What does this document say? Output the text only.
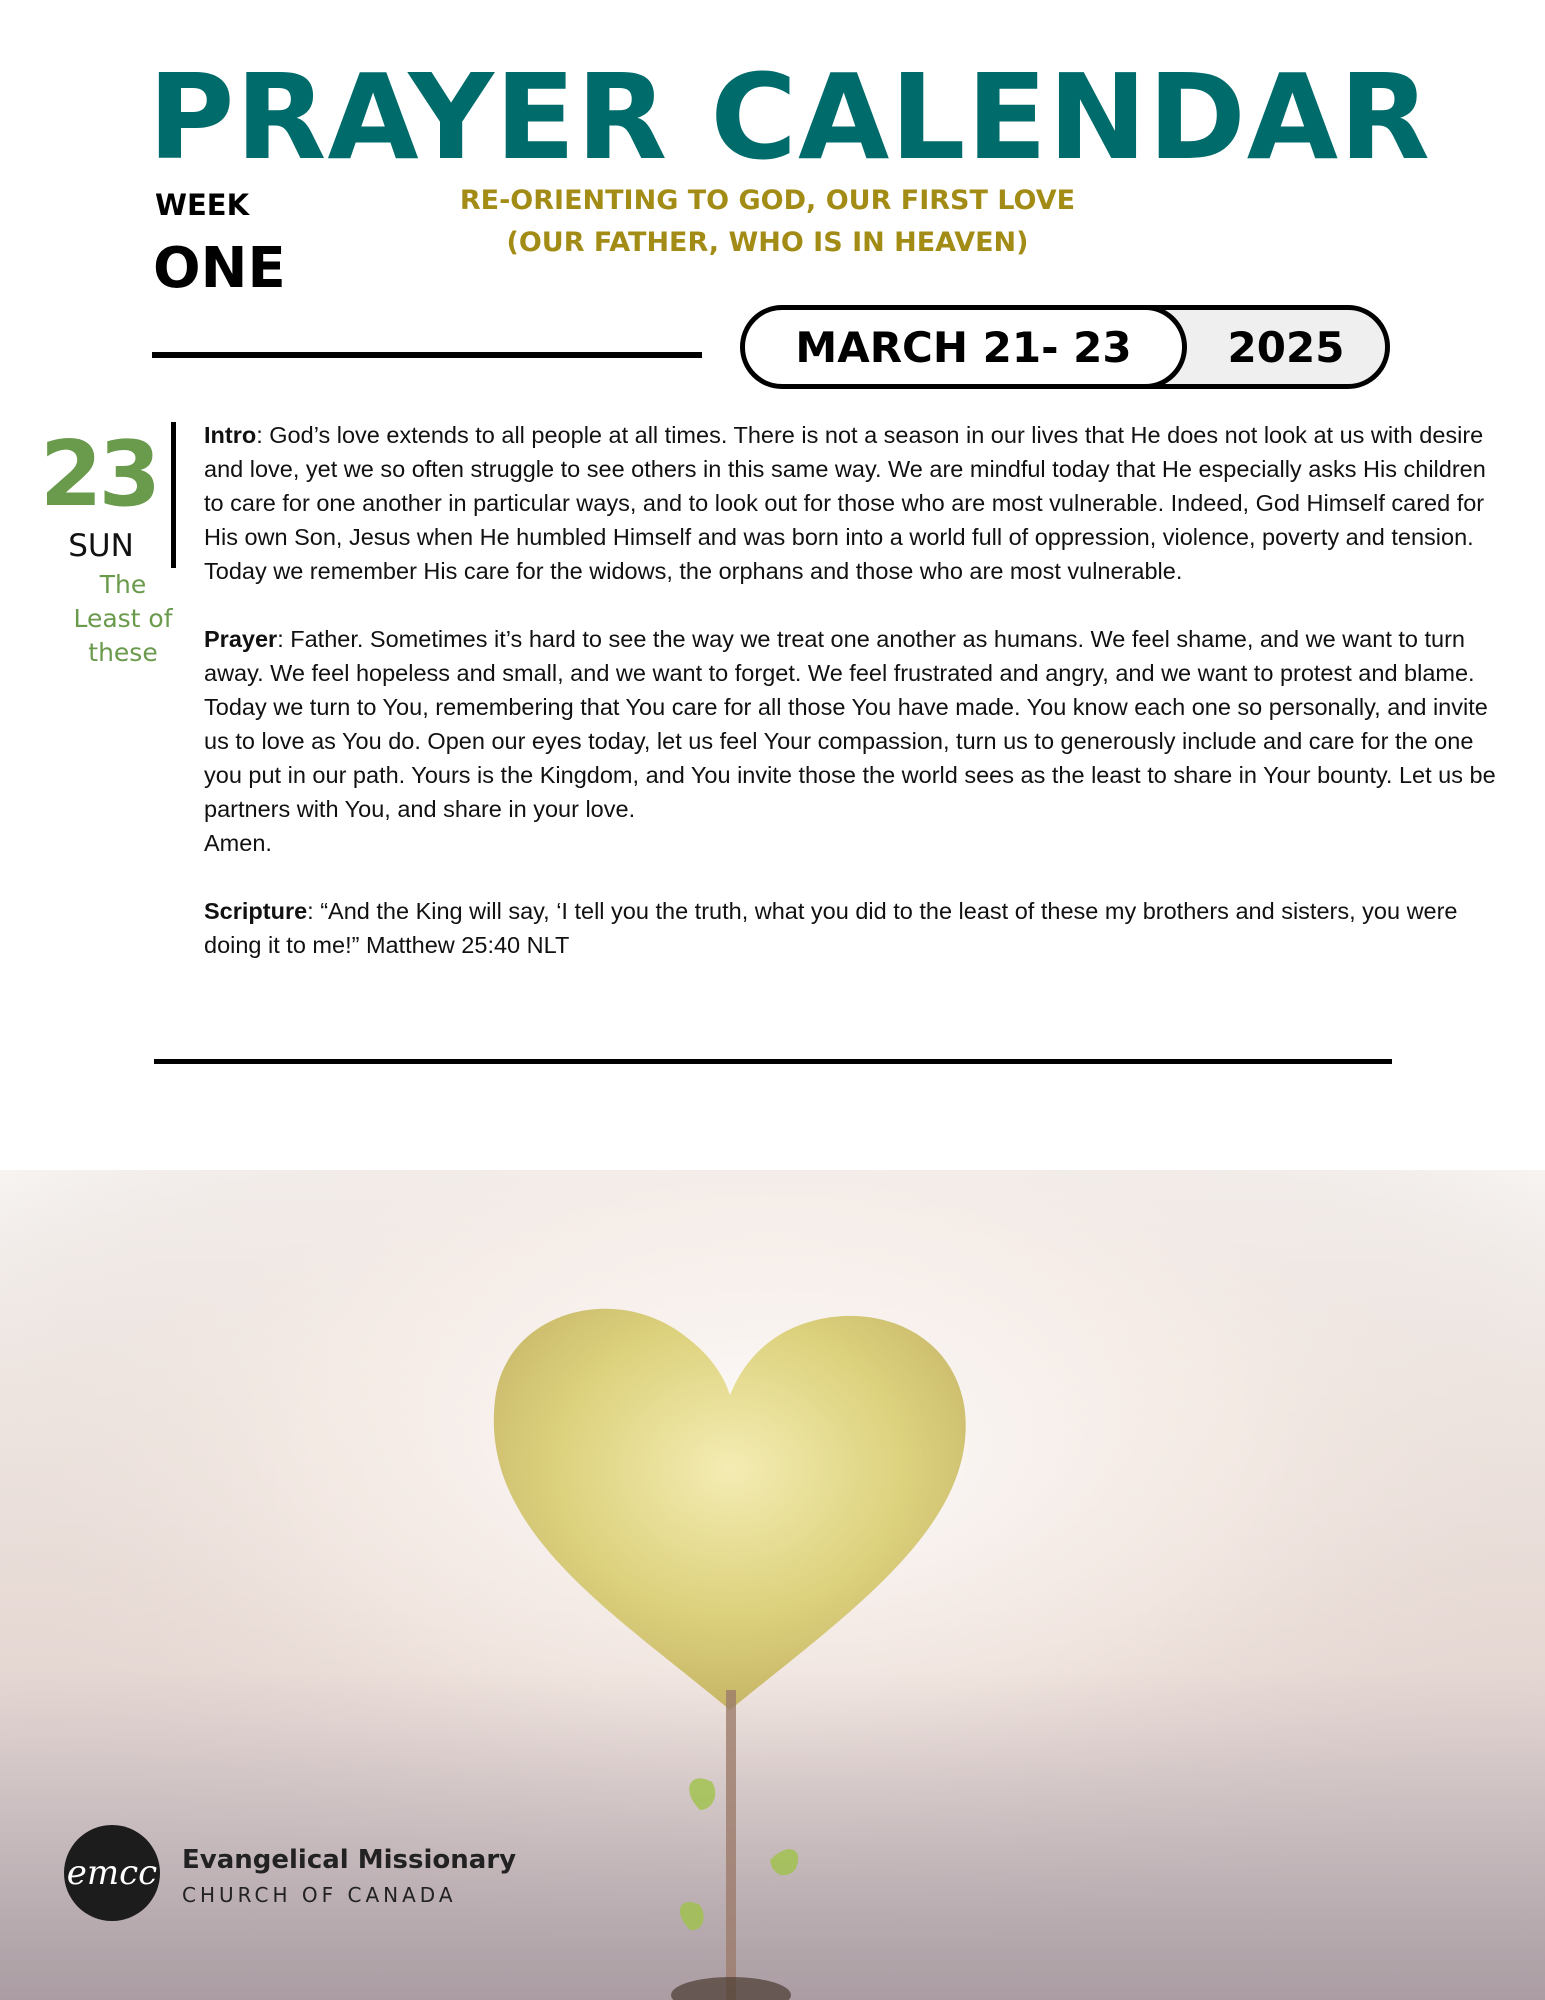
PRAYER CALENDAR
WEEK
ONE
RE-ORIENTING TO GOD, OUR FIRST LOVE
(OUR FATHER, WHO IS IN HEAVEN)
MARCH 21- 23	2025
23
SUN
The
Least of
these

Intro: God’s love extends to all people at all times. There is not a season in our lives that He does not look at us with desire and love, yet we so often struggle to see others in this same way. We are mindful today that He especially asks His children to care for one another in particular ways, and to look out for those who are most vulnerable. Indeed, God Himself cared for His own Son, Jesus when He humbled Himself and was born into a world full of oppression, violence, poverty and tension. Today we remember His care for the widows, the orphans and those who are most vulnerable.

Prayer: Father. Sometimes it’s hard to see the way we treat one another as humans. We feel shame, and we want to turn away. We feel hopeless and small, and we want to forget. We feel frustrated and angry, and we want to protest and blame. Today we turn to You, remembering that You care for all those You have made. You know each one so personally, and invite us to love as You do. Open our eyes today, let us feel Your compassion, turn us to generously include and care for the one you put in our path. Yours is the Kingdom, and You invite those the world sees as the least to share in Your bounty. Let us be partners with You, and share in your love.
Amen.

Scripture: “And the King will say, ‘I tell you the truth, what you did to the least of these my brothers and sisters, you were doing it to me!” Matthew 25:40 NLT

emcc Evangelical Missionary
CHURCH OF CANADA
